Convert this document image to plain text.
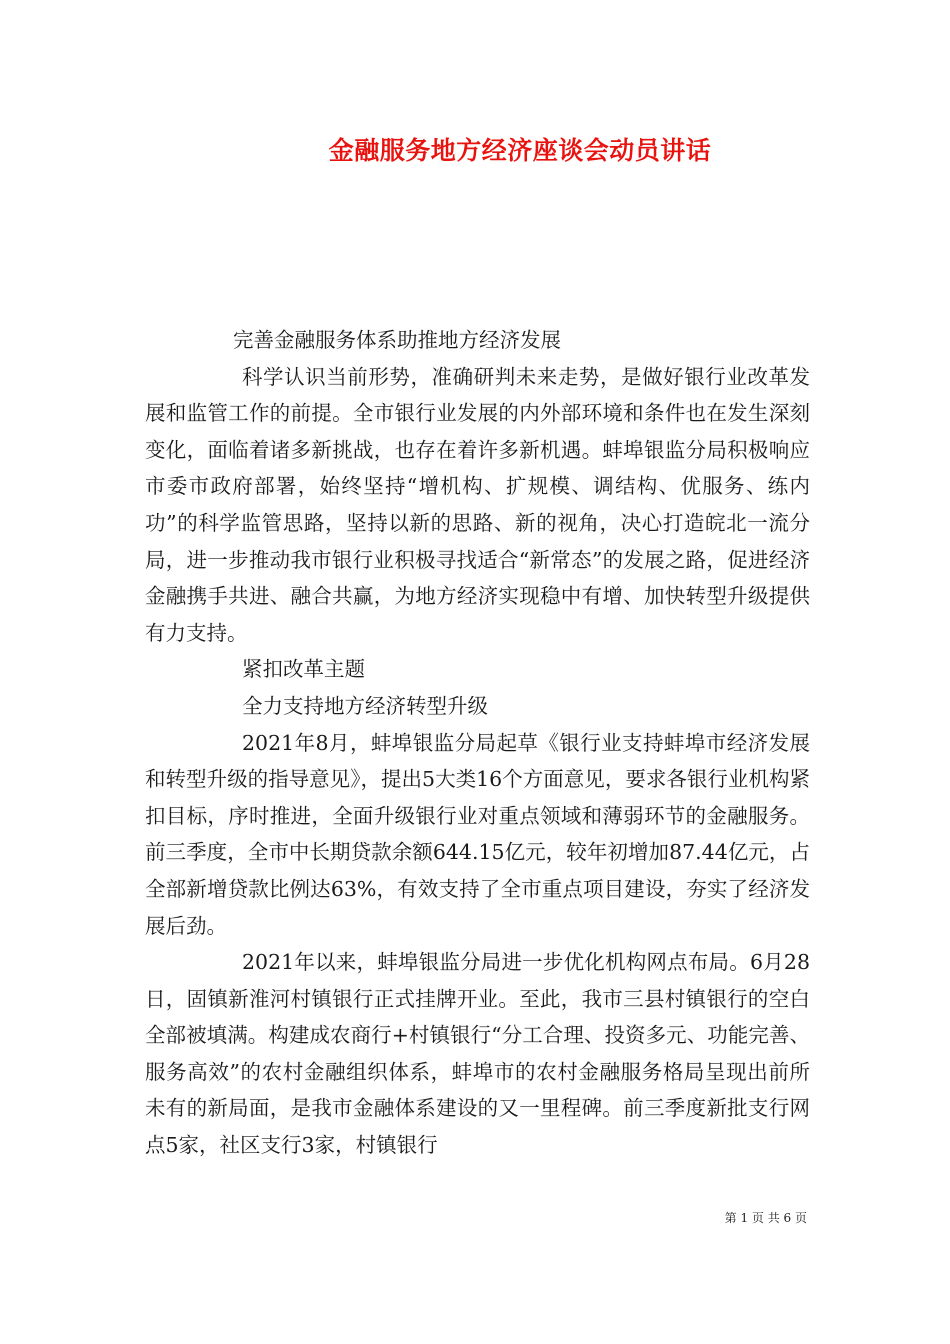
金融服务地方经济座谈会动员讲话

完善金融服务体系助推地方经济发展

科学认识当前形势，准确研判未来走势，是做好银行业改革发展和监管工作的前提。全市银行业发展的内外部环境和条件也在发生深刻变化，面临着诸多新挑战，也存在着许多新机遇。蚌埠银监分局积极响应市委市政府部署，始终坚持“增机构、扩规模、调结构、优服务、练内功”的科学监管思路，坚持以新的思路、新的视角，决心打造皖北一流分局，进一步推动我市银行业积极寻找适合“新常态”的发展之路，促进经济金融携手共进、融合共赢，为地方经济实现稳中有增、加快转型升级提供有力支持。

紧扣改革主题

全力支持地方经济转型升级

2021年8月，蚌埠银监分局起草《银行业支持蚌埠市经济发展和转型升级的指导意见》，提出5大类16个方面意见，要求各银行业机构紧扣目标，序时推进，全面升级银行业对重点领域和薄弱环节的金融服务。前三季度，全市中长期贷款余额644.15亿元，较年初增加87.44亿元，占全部新增贷款比例达63%，有效支持了全市重点项目建设，夯实了经济发展后劲。

2021年以来，蚌埠银监分局进一步优化机构网点布局。6月28日，固镇新淮河村镇银行正式挂牌开业。至此，我市三县村镇银行的空白全部被填满。构建成农商行+村镇银行“分工合理、投资多元、功能完善、服务高效”的农村金融组织体系，蚌埠市的农村金融服务格局呈现出前所未有的新局面，是我市金融体系建设的又一里程碑。前三季度新批支行网点5家，社区支行3家，村镇银行

第 1 页 共 6 页
